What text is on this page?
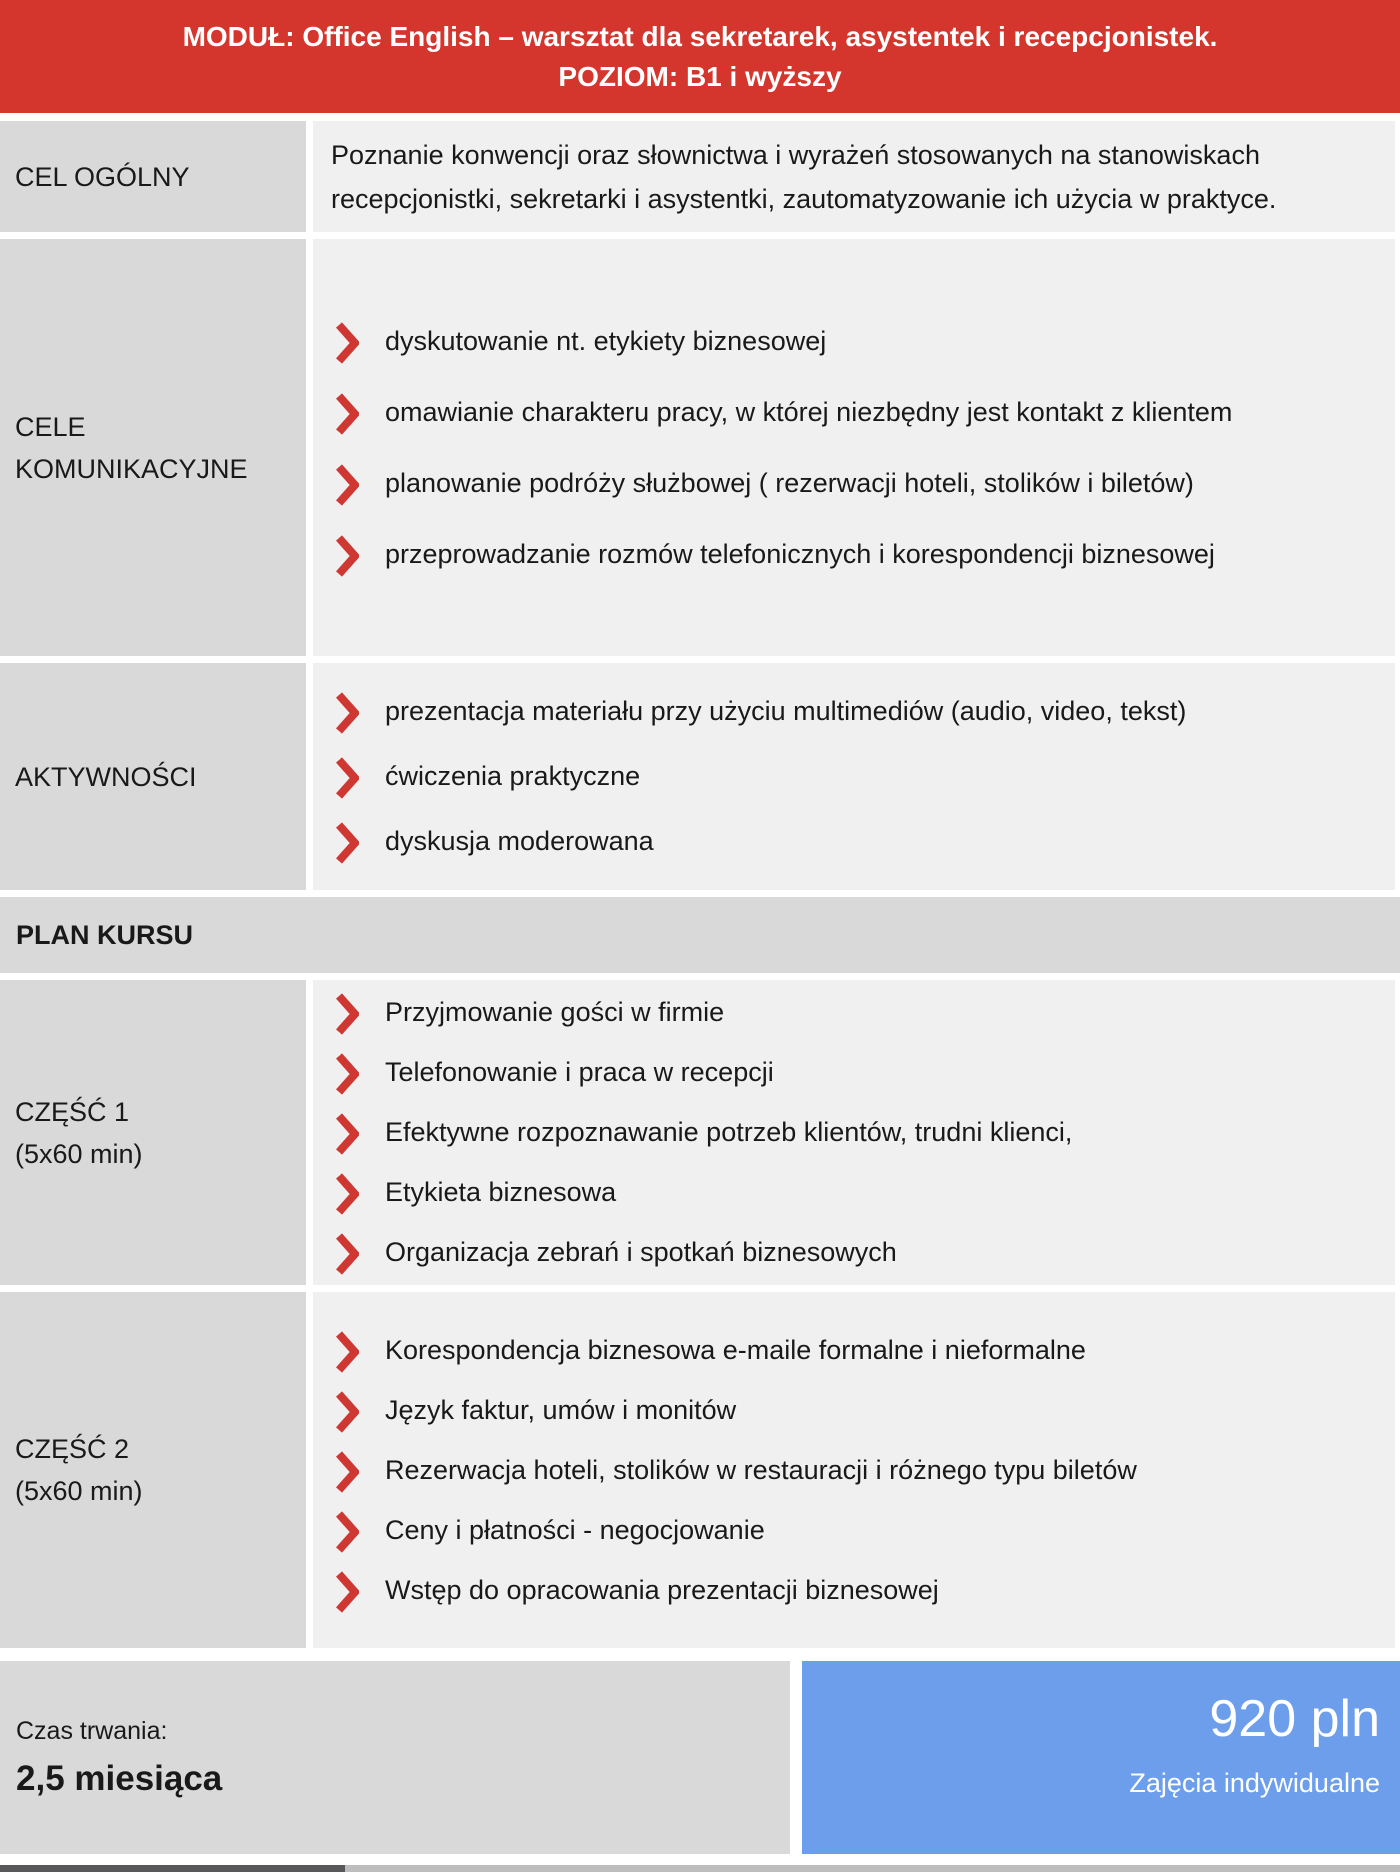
MODUŁ: Office English – warsztat dla sekretarek, asystentek i recepcjonistek.
POZIOM: B1 i wyższy
CEL OGÓLNY
Poznanie konwencji oraz słownictwa i wyrażeń stosowanych na stanowiskach recepcjonistki, sekretarki i asystentki, zautomatyzowanie ich użycia w praktyce.
CELE KOMUNIKACYJNE
dyskutowanie nt. etykiety biznesowej
omawianie charakteru pracy, w której niezbędny jest kontakt z klientem
planowanie podróży służbowej ( rezerwacji hoteli, stolików i biletów)
przeprowadzanie rozmów telefonicznych i korespondencji biznesowej
AKTYWNOŚCI
prezentacja materiału przy użyciu multimediów (audio, video, tekst)
ćwiczenia praktyczne
dyskusja moderowana
PLAN KURSU
CZĘŚĆ 1
(5x60 min)
Przyjmowanie gości w firmie
Telefonowanie i praca w recepcji
Efektywne rozpoznawanie potrzeb klientów, trudni klienci,
Etykieta biznesowa
Organizacja zebrań i spotkań biznesowych
CZĘŚĆ 2
(5x60 min)
Korespondencja biznesowa e-maile formalne i nieformalne
Język faktur, umów i monitów
Rezerwacja hoteli, stolików w restauracji i różnego typu biletów
Ceny i płatności - negocjowanie
Wstęp do opracowania prezentacji biznesowej
Czas trwania:
2,5 miesiąca
920 pln
Zajęcia indywidualne
